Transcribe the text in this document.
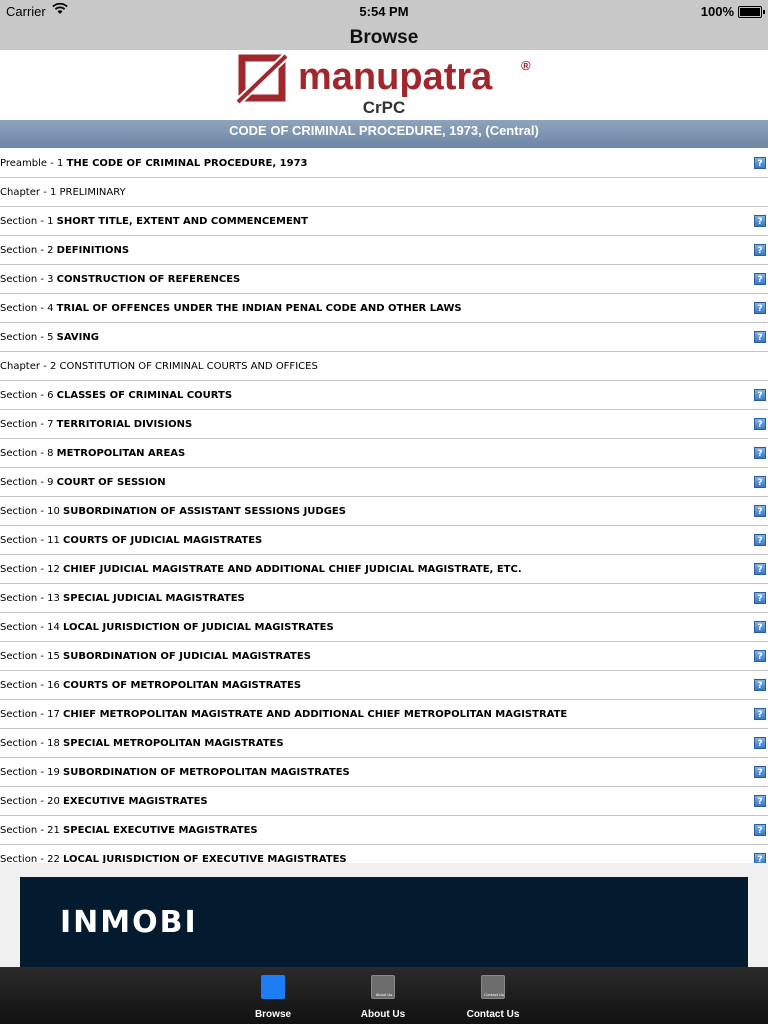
Carrier	5:54 PM	100%
Browse
manupatra ®
CrPC
CODE OF CRIMINAL PROCEDURE, 1973, (Central)
Preamble - 1 THE CODE OF CRIMINAL PROCEDURE, 1973	?
Chapter - 1 PRELIMINARY
Section - 1 SHORT TITLE, EXTENT AND COMMENCEMENT	?
Section - 2 DEFINITIONS	?
Section - 3 CONSTRUCTION OF REFERENCES	?
Section - 4 TRIAL OF OFFENCES UNDER THE INDIAN PENAL CODE AND OTHER LAWS	?
Section - 5 SAVING	?
Chapter - 2 CONSTITUTION OF CRIMINAL COURTS AND OFFICES
Section - 6 CLASSES OF CRIMINAL COURTS	?
Section - 7 TERRITORIAL DIVISIONS	?
Section - 8 METROPOLITAN AREAS	?
Section - 9 COURT OF SESSION	?
Section - 10 SUBORDINATION OF ASSISTANT SESSIONS JUDGES	?
Section - 11 COURTS OF JUDICIAL MAGISTRATES	?
Section - 12 CHIEF JUDICIAL MAGISTRATE AND ADDITIONAL CHIEF JUDICIAL MAGISTRATE, ETC.	?
Section - 13 SPECIAL JUDICIAL MAGISTRATES	?
Section - 14 LOCAL JURISDICTION OF JUDICIAL MAGISTRATES	?
Section - 15 SUBORDINATION OF JUDICIAL MAGISTRATES	?
Section - 16 COURTS OF METROPOLITAN MAGISTRATES	?
Section - 17 CHIEF METROPOLITAN MAGISTRATE AND ADDITIONAL CHIEF METROPOLITAN MAGISTRATE	?
Section - 18 SPECIAL METROPOLITAN MAGISTRATES	?
Section - 19 SUBORDINATION OF METROPOLITAN MAGISTRATES	?
Section - 20 EXECUTIVE MAGISTRATES	?
Section - 21 SPECIAL EXECUTIVE MAGISTRATES	?
Section - 22 LOCAL JURISDICTION OF EXECUTIVE MAGISTRATES	?
INMOBI
Browse
About Us
About Us
Contact Us
Contact Us
